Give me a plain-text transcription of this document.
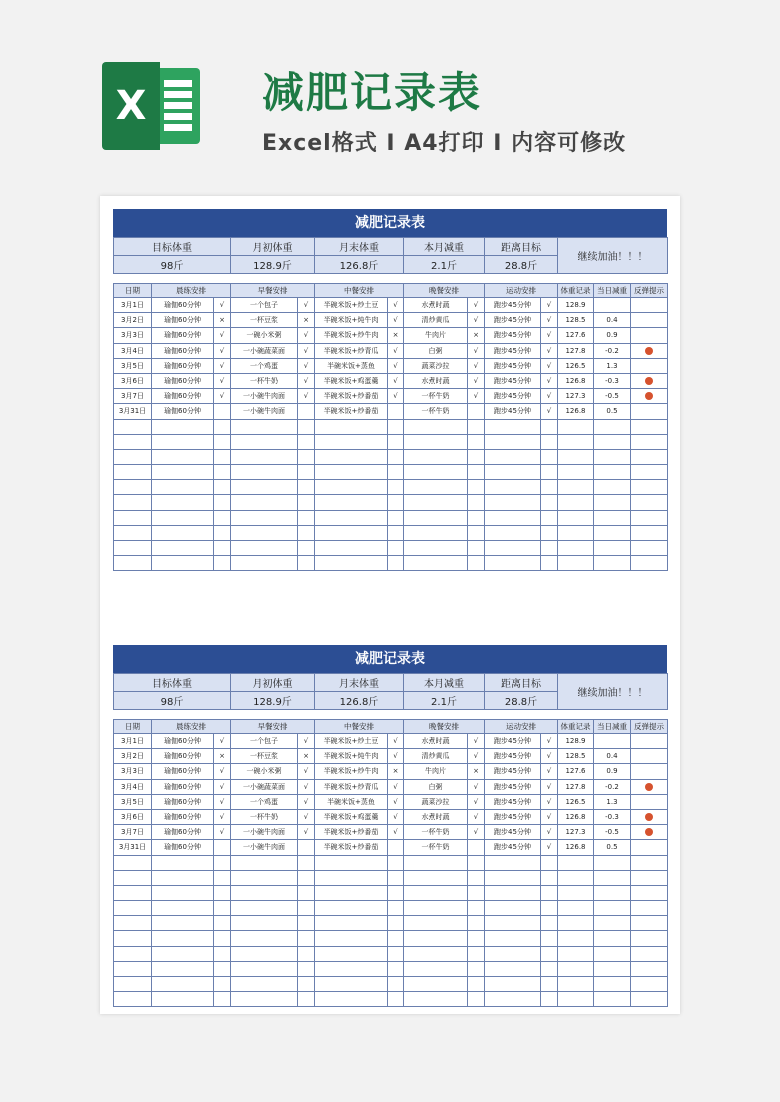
X	减肥记录表
Excel格式 I A4打印 I 内容可修改
减肥记录表
目标体重	月初体重	月末体重	本月减重	距离目标	继续加油！！！
98斤	128.9斤	126.8斤	2.1斤	28.8斤	
日期	晨练安排		早餐安排		中餐安排		晚餐安排		运动安排		体重记录	当日减重	反弹提示
3月1日	瑜伽60分钟	√	一个包子	√	半碗米饭+炒土豆	√	水煮时蔬	√	跑步45分钟	√	128.9		
3月2日	瑜伽60分钟	×	一杯豆浆	×	半碗米饭+炖牛肉	√	清炒黄瓜	√	跑步45分钟	√	128.5	0.4	
3月3日	瑜伽60分钟	√	一碗小米粥	√	半碗米饭+炒牛肉	×	牛肉片	×	跑步45分钟	√	127.6	0.9	
3月4日	瑜伽60分钟	√	一小碗蔬菜面	√	半碗米饭+炒青瓜	√	白粥	√	跑步45分钟	√	127.8	-0.2	
3月5日	瑜伽60分钟	√	一个鸡蛋	√	半碗米饭+蒸鱼	√	蔬菜沙拉	√	跑步45分钟	√	126.5	1.3	
3月6日	瑜伽60分钟	√	一杯牛奶	√	半碗米饭+鸡蛋羹	√	水煮时蔬	√	跑步45分钟	√	126.8	-0.3	
3月7日	瑜伽60分钟	√	一小碗牛肉面	√	半碗米饭+炒番茄	√	一杯牛奶	√	跑步45分钟	√	127.3	-0.5	
3月31日	瑜伽60分钟		一小碗牛肉面		半碗米饭+炒番茄		一杯牛奶		跑步45分钟	√	126.8	0.5	

减肥记录表
目标体重	月初体重	月末体重	本月减重	距离目标	继续加油！！！
98斤	128.9斤	126.8斤	2.1斤	28.8斤	
日期	晨练安排		早餐安排		中餐安排		晚餐安排		运动安排		体重记录	当日减重	反弹提示
3月1日	瑜伽60分钟	√	一个包子	√	半碗米饭+炒土豆	√	水煮时蔬	√	跑步45分钟	√	128.9		
3月2日	瑜伽60分钟	×	一杯豆浆	×	半碗米饭+炖牛肉	√	清炒黄瓜	√	跑步45分钟	√	128.5	0.4	
3月3日	瑜伽60分钟	√	一碗小米粥	√	半碗米饭+炒牛肉	×	牛肉片	×	跑步45分钟	√	127.6	0.9	
3月4日	瑜伽60分钟	√	一小碗蔬菜面	√	半碗米饭+炒青瓜	√	白粥	√	跑步45分钟	√	127.8	-0.2	
3月5日	瑜伽60分钟	√	一个鸡蛋	√	半碗米饭+蒸鱼	√	蔬菜沙拉	√	跑步45分钟	√	126.5	1.3	
3月6日	瑜伽60分钟	√	一杯牛奶	√	半碗米饭+鸡蛋羹	√	水煮时蔬	√	跑步45分钟	√	126.8	-0.3	
3月7日	瑜伽60分钟	√	一小碗牛肉面	√	半碗米饭+炒番茄	√	一杯牛奶	√	跑步45分钟	√	127.3	-0.5	
3月31日	瑜伽60分钟		一小碗牛肉面		半碗米饭+炒番茄		一杯牛奶		跑步45分钟	√	126.8	0.5	
